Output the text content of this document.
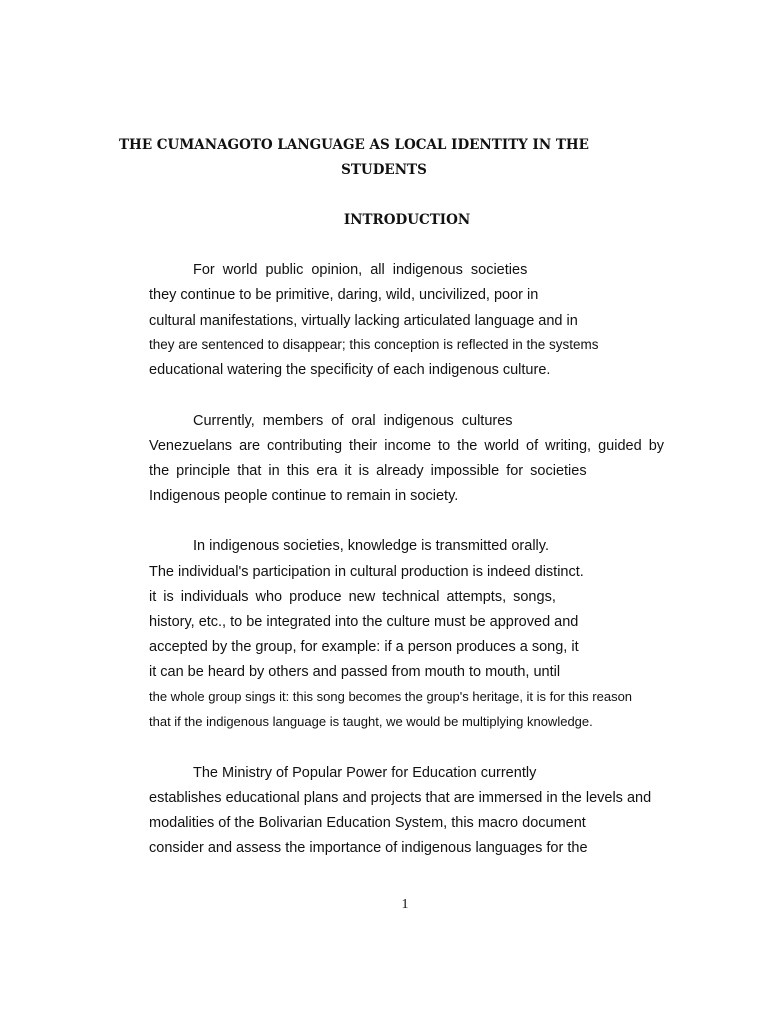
THE CUMANAGOTO LANGUAGE AS LOCAL IDENTITY IN THE
STUDENTS
INTRODUCTION

For world public opinion, all indigenous societies

they continue to be primitive, daring, wild, uncivilized, poor in

cultural manifestations, virtually lacking articulated language and in

they are sentenced to disappear; this conception is reflected in the systems

educational watering the specificity of each indigenous culture.

Currently, members of oral indigenous cultures

Venezuelans are contributing their income to the world of writing, guided by

the principle that in this era it is already impossible for societies

Indigenous people continue to remain in society.

In indigenous societies, knowledge is transmitted orally.

The individual's participation in cultural production is indeed distinct.

it is individuals who produce new technical attempts, songs,

history, etc., to be integrated into the culture must be approved and

accepted by the group, for example: if a person produces a song, it

it can be heard by others and passed from mouth to mouth, until

the whole group sings it: this song becomes the group's heritage, it is for this reason

that if the indigenous language is taught, we would be multiplying knowledge.

The Ministry of Popular Power for Education currently

establishes educational plans and projects that are immersed in the levels and

modalities of the Bolivarian Education System, this macro document

consider and assess the importance of indigenous languages for the

1
